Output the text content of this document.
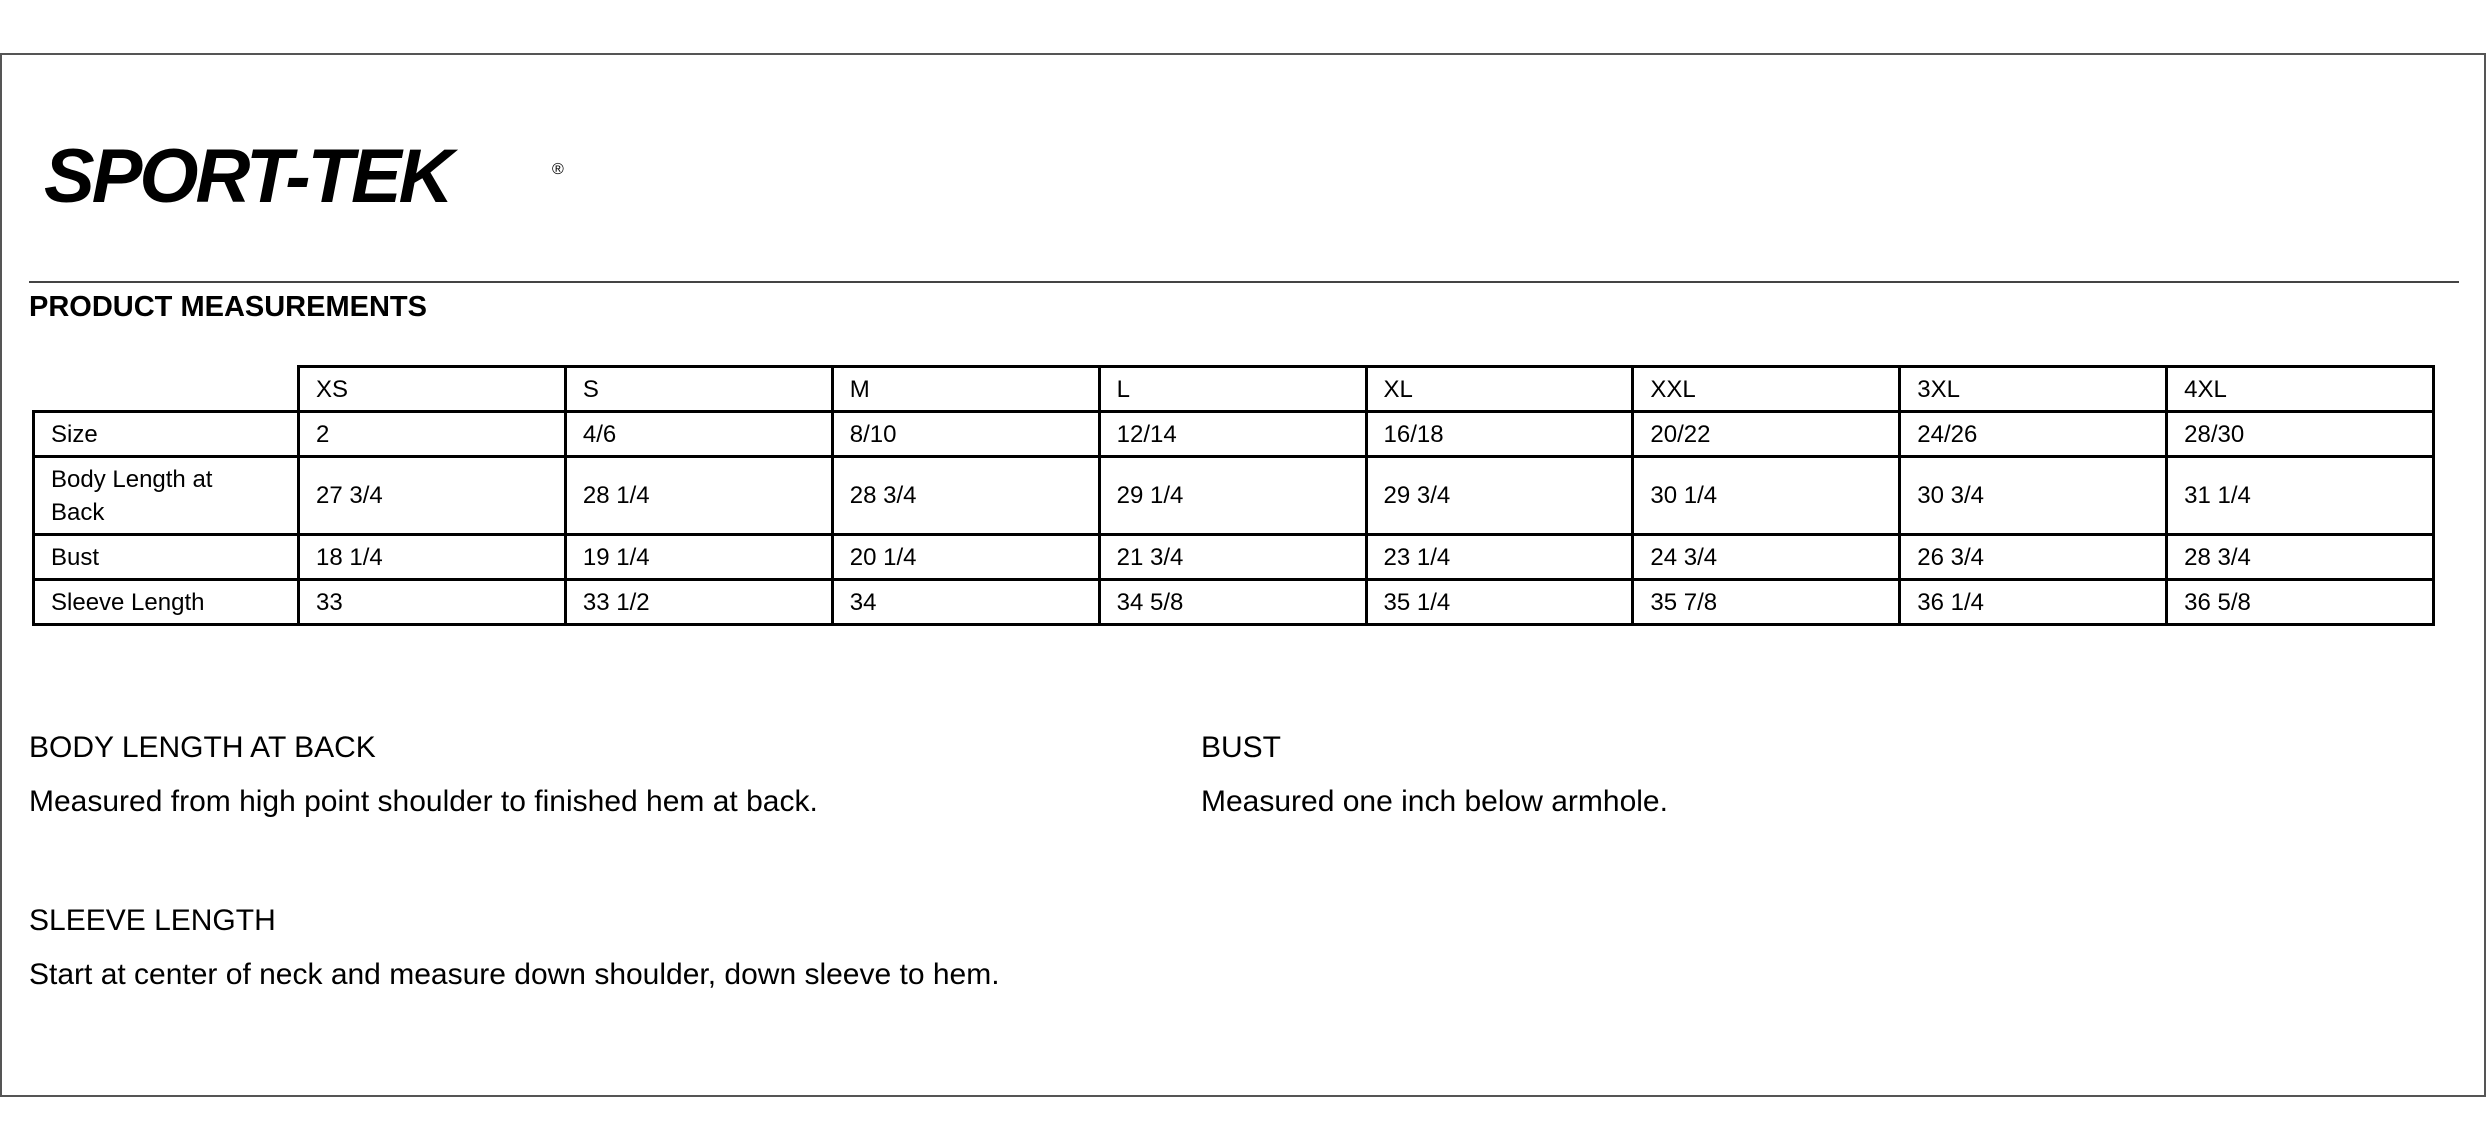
SPORT-TEK	®
PRODUCT MEASUREMENTS
	XS	S	M	L	XL	XXL	3XL	4XL
Size	2	4/6	8/10	12/14	16/18	20/22	24/26	28/30
Body Length at Back	27 3/4	28 1/4	28 3/4	29 1/4	29 3/4	30 1/4	30 3/4	31 1/4
Bust	18 1/4	19 1/4	20 1/4	21 3/4	23 1/4	24 3/4	26 3/4	28 3/4
Sleeve Length	33	33 1/2	34	34 5/8	35 1/4	35 7/8	36 1/4	36 5/8
BODY LENGTH AT BACK
Measured from high point shoulder to finished hem at back.
BUST
Measured one inch below armhole.
SLEEVE LENGTH
Start at center of neck and measure down shoulder, down sleeve to hem.
